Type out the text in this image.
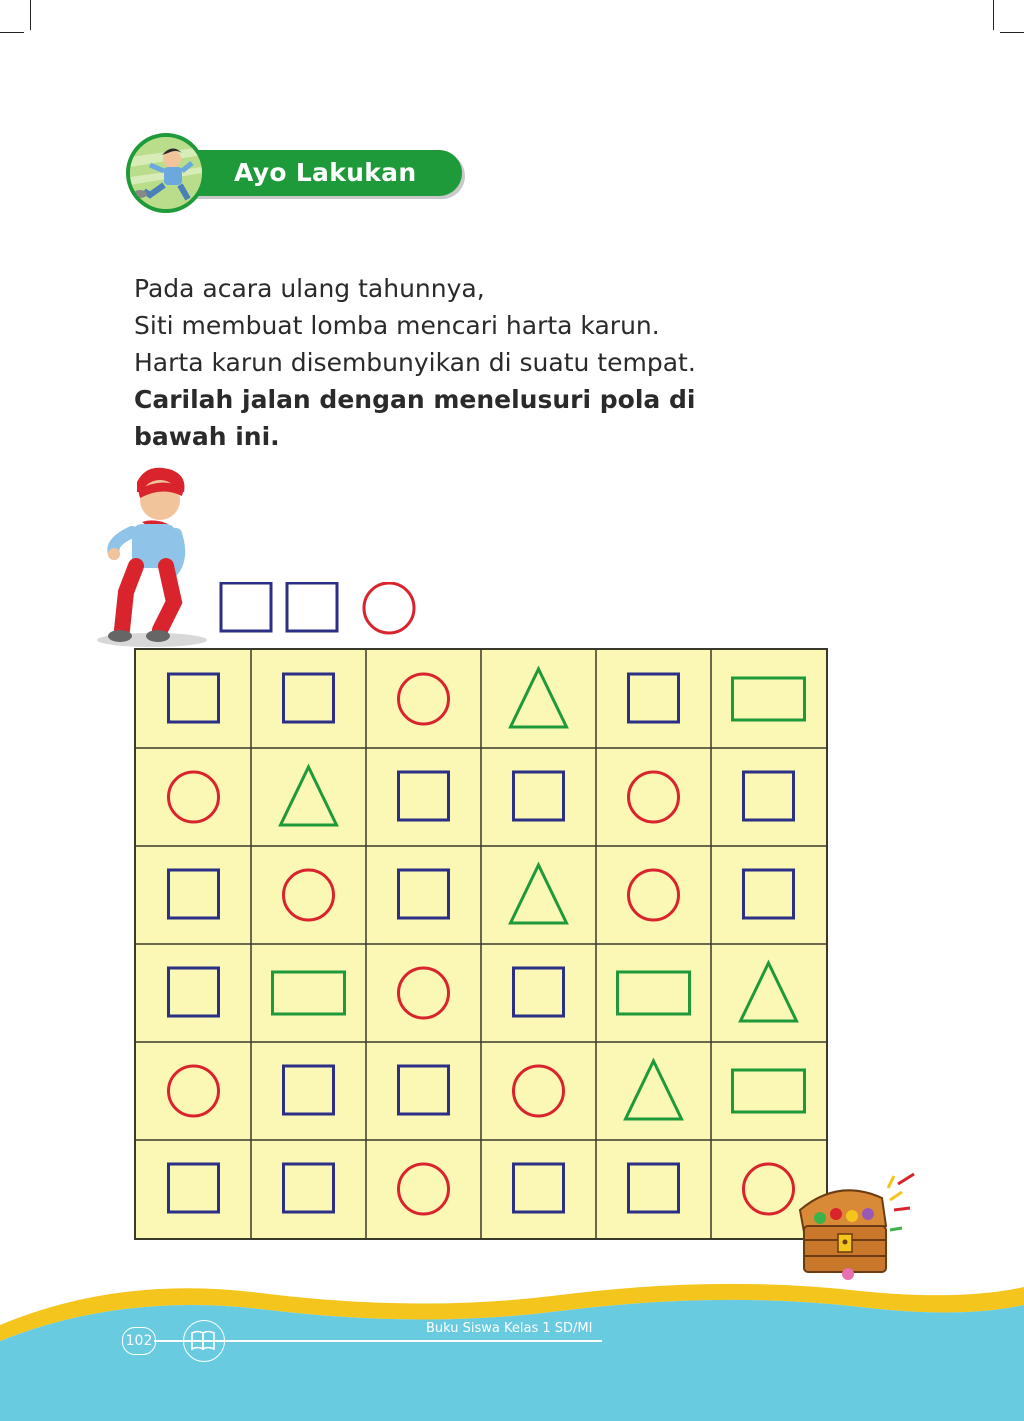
Ayo Lakukan
Pada acara ulang tahunnya,
Siti membuat lomba mencari harta karun.
Harta karun disembunyikan di suatu tempat.
Carilah jalan dengan menelusuri pola di
bawah ini.
102
Buku Siswa Kelas 1 SD/MI
